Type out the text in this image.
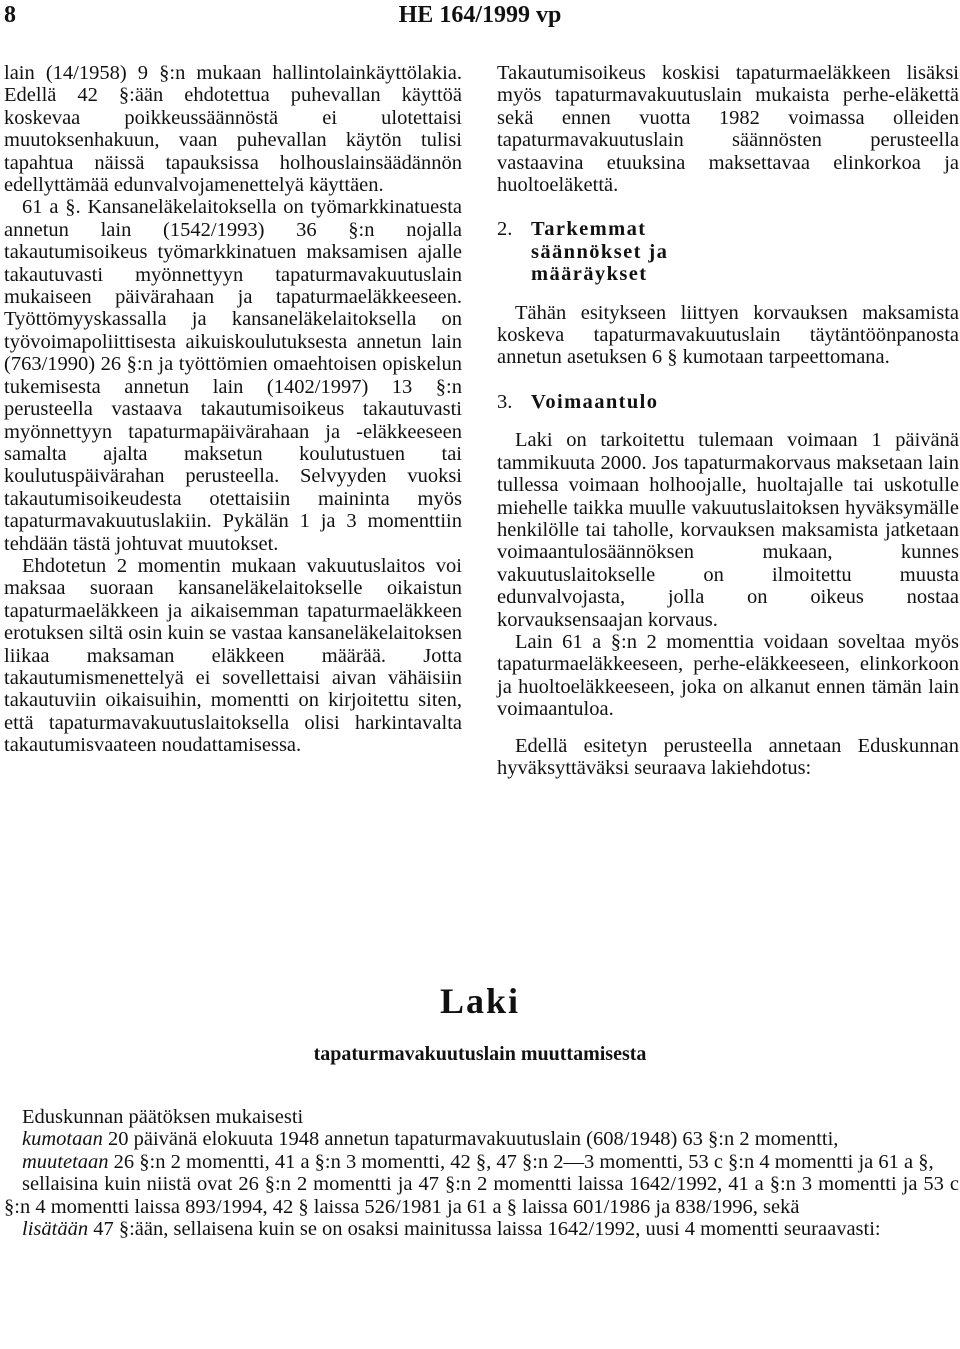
8	HE 164/1999 vp

lain (14/1958) 9 §:n mukaan hallintolainkäyttölakia. Edellä 42 §:ään ehdotettua puhevallan käyttöä koskevaa poikkeussäännöstä ei ulotettaisi muutoksenhakuun, vaan puhevallan käytön tulisi tapahtua näissä tapauksissa holhouslainsäädännön edellyttämää edunvalvojamenettelyä käyttäen.

61 a §. Kansaneläkelaitoksella on työmarkkinatuesta annetun lain (1542/1993) 36 §:n nojalla takautumisoikeus työmarkkinatuen maksamisen ajalle takautuvasti myönnettyyn tapaturmavakuutuslain mukaiseen päivärahaan ja tapaturmaeläkkeeseen. Työttömyyskassalla ja kansaneläkelaitoksella on työvoimapoliittisesta aikuiskoulutuksesta annetun lain (763/1990) 26 §:n ja työttömien omaehtoisen opiskelun tukemisesta annetun lain (1402/1997) 13 §:n perusteella vastaava takautumisoikeus takautuvasti myönnettyyn tapaturmapäivärahaan ja -eläkkeeseen samalta ajalta maksetun koulutustuen tai koulutuspäivärahan perusteella. Selvyyden vuoksi takautumisoikeudesta otettaisiin maininta myös tapaturmavakuutuslakiin. Pykälän 1 ja 3 momenttiin tehdään tästä johtuvat muutokset.

Ehdotetun 2 momentin mukaan vakuutuslaitos voi maksaa suoraan kansaneläkelaitokselle oikaistun tapaturmaeläkkeen ja aikaisemman tapaturmaeläkkeen erotuksen siltä osin kuin se vastaa kansaneläkelaitoksen liikaa maksaman eläkkeen määrää. Jotta takautumismenettelyä ei sovellettaisi aivan vähäisiin takautuviin oikaisuihin, momentti on kirjoitettu siten, että tapaturmavakuutuslaitoksella olisi harkintavalta takautumisvaateen noudattamisessa.

Takautumisoikeus koskisi tapaturmaeläkkeen lisäksi myös tapaturmavakuutuslain mukaista perhe-eläkettä sekä ennen vuotta 1982 voimassa olleiden tapaturmavakuutuslain säännösten perusteella vastaavina etuuksina maksettavaa elinkorkoa ja huoltoeläkettä.

2. Tarkemmat säännökset ja määräykset

Tähän esitykseen liittyen korvauksen maksamista koskeva tapaturmavakuutuslain täytäntöönpanosta annetun asetuksen 6 § kumotaan tarpeettomana.

3. Voimaantulo

Laki on tarkoitettu tulemaan voimaan 1 päivänä tammikuuta 2000. Jos tapaturmakorvaus maksetaan lain tullessa voimaan holhoojalle, huoltajalle tai uskotulle miehelle taikka muulle vakuutuslaitoksen hyväksymälle henkilölle tai taholle, korvauksen maksamista jatketaan voimaantulosäännöksen mukaan, kunnes vakuutuslaitokselle on ilmoitettu muusta edunvalvojasta, jolla on oikeus nostaa korvauksensaajan korvaus.

Lain 61 a §:n 2 momenttia voidaan soveltaa myös tapaturmaeläkkeeseen, perhe-eläkkeeseen, elinkorkoon ja huoltoeläkkeeseen, joka on alkanut ennen tämän lain voimaantuloa.

Edellä esitetyn perusteella annetaan Eduskunnan hyväksyttäväksi seuraava lakiehdotus:

Laki
tapaturmavakuutuslain muuttamisesta

Eduskunnan päätöksen mukaisesti

kumotaan 20 päivänä elokuuta 1948 annetun tapaturmavakuutuslain (608/1948) 63 §:n 2 momentti,

muutetaan 26 §:n 2 momentti, 41 a §:n 3 momentti, 42 §, 47 §:n 2—3 momentti, 53 c §:n 4 momentti ja 61 a §,

sellaisina kuin niistä ovat 26 §:n 2 momentti ja 47 §:n 2 momentti laissa 1642/1992, 41 a §:n 3 momentti ja 53 c §:n 4 momentti laissa 893/1994, 42 § laissa 526/1981 ja 61 a § laissa 601/1986 ja 838/1996, sekä

lisätään 47 §:ään, sellaisena kuin se on osaksi mainitussa laissa 1642/1992, uusi 4 momentti seuraavasti:
